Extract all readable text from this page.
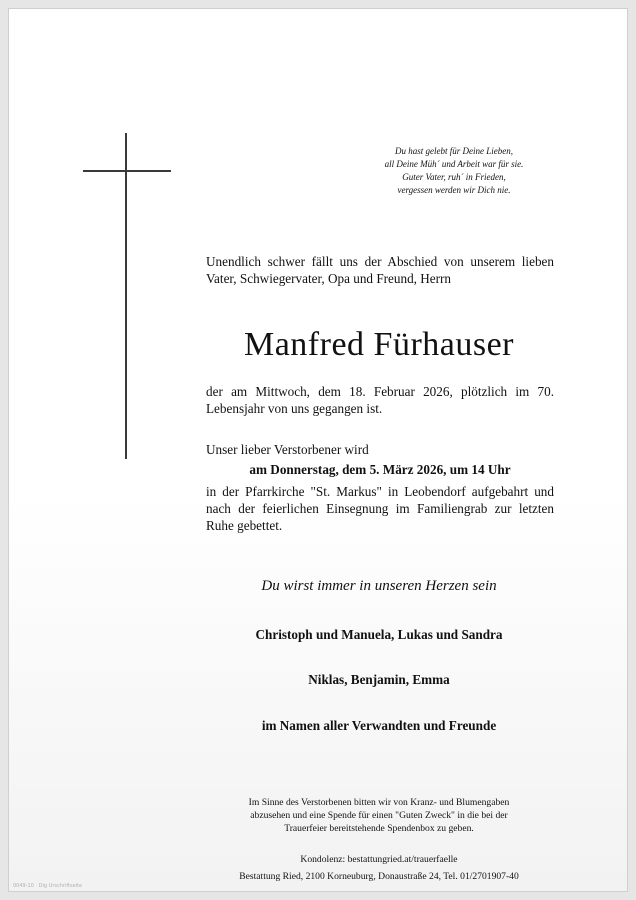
Du hast gelebt für Deine Lieben,
all Deine Müh´ und Arbeit war für sie.
Guter Vater, ruh´ in Frieden,
vergessen werden wir Dich nie.
Unendlich schwer fällt uns der Abschied von unserem lieben Vater, Schwiegervater, Opa und Freund, Herrn
Manfred Fürhauser
der am Mittwoch, dem 18. Februar 2026, plötzlich im 70. Lebensjahr von uns gegangen ist.
Unser lieber Verstorbener wird
am Donnerstag, dem 5. März 2026, um 14 Uhr
in der Pfarrkirche "St. Markus" in Leobendorf aufgebahrt und nach der feierlichen Einsegnung im Familiengrab zur letzten Ruhe gebettet.
Du wirst immer in unseren Herzen sein
Christoph und Manuela, Lukas und Sandra
Niklas, Benjamin, Emma
im Namen aller Verwandten und Freunde
Im Sinne des Verstorbenen bitten wir von Kranz- und Blumengaben
abzusehen und eine Spende für einen "Guten Zweck" in die bei der
Trauerfeier bereitstehende Spendenbox zu geben.
Kondolenz: bestattungried.at/trauerfaelle
Bestattung Ried, 2100 Korneuburg, Donaustraße 24, Tel. 01/2701907-40
0049-10 · Dig Urschriftseite
